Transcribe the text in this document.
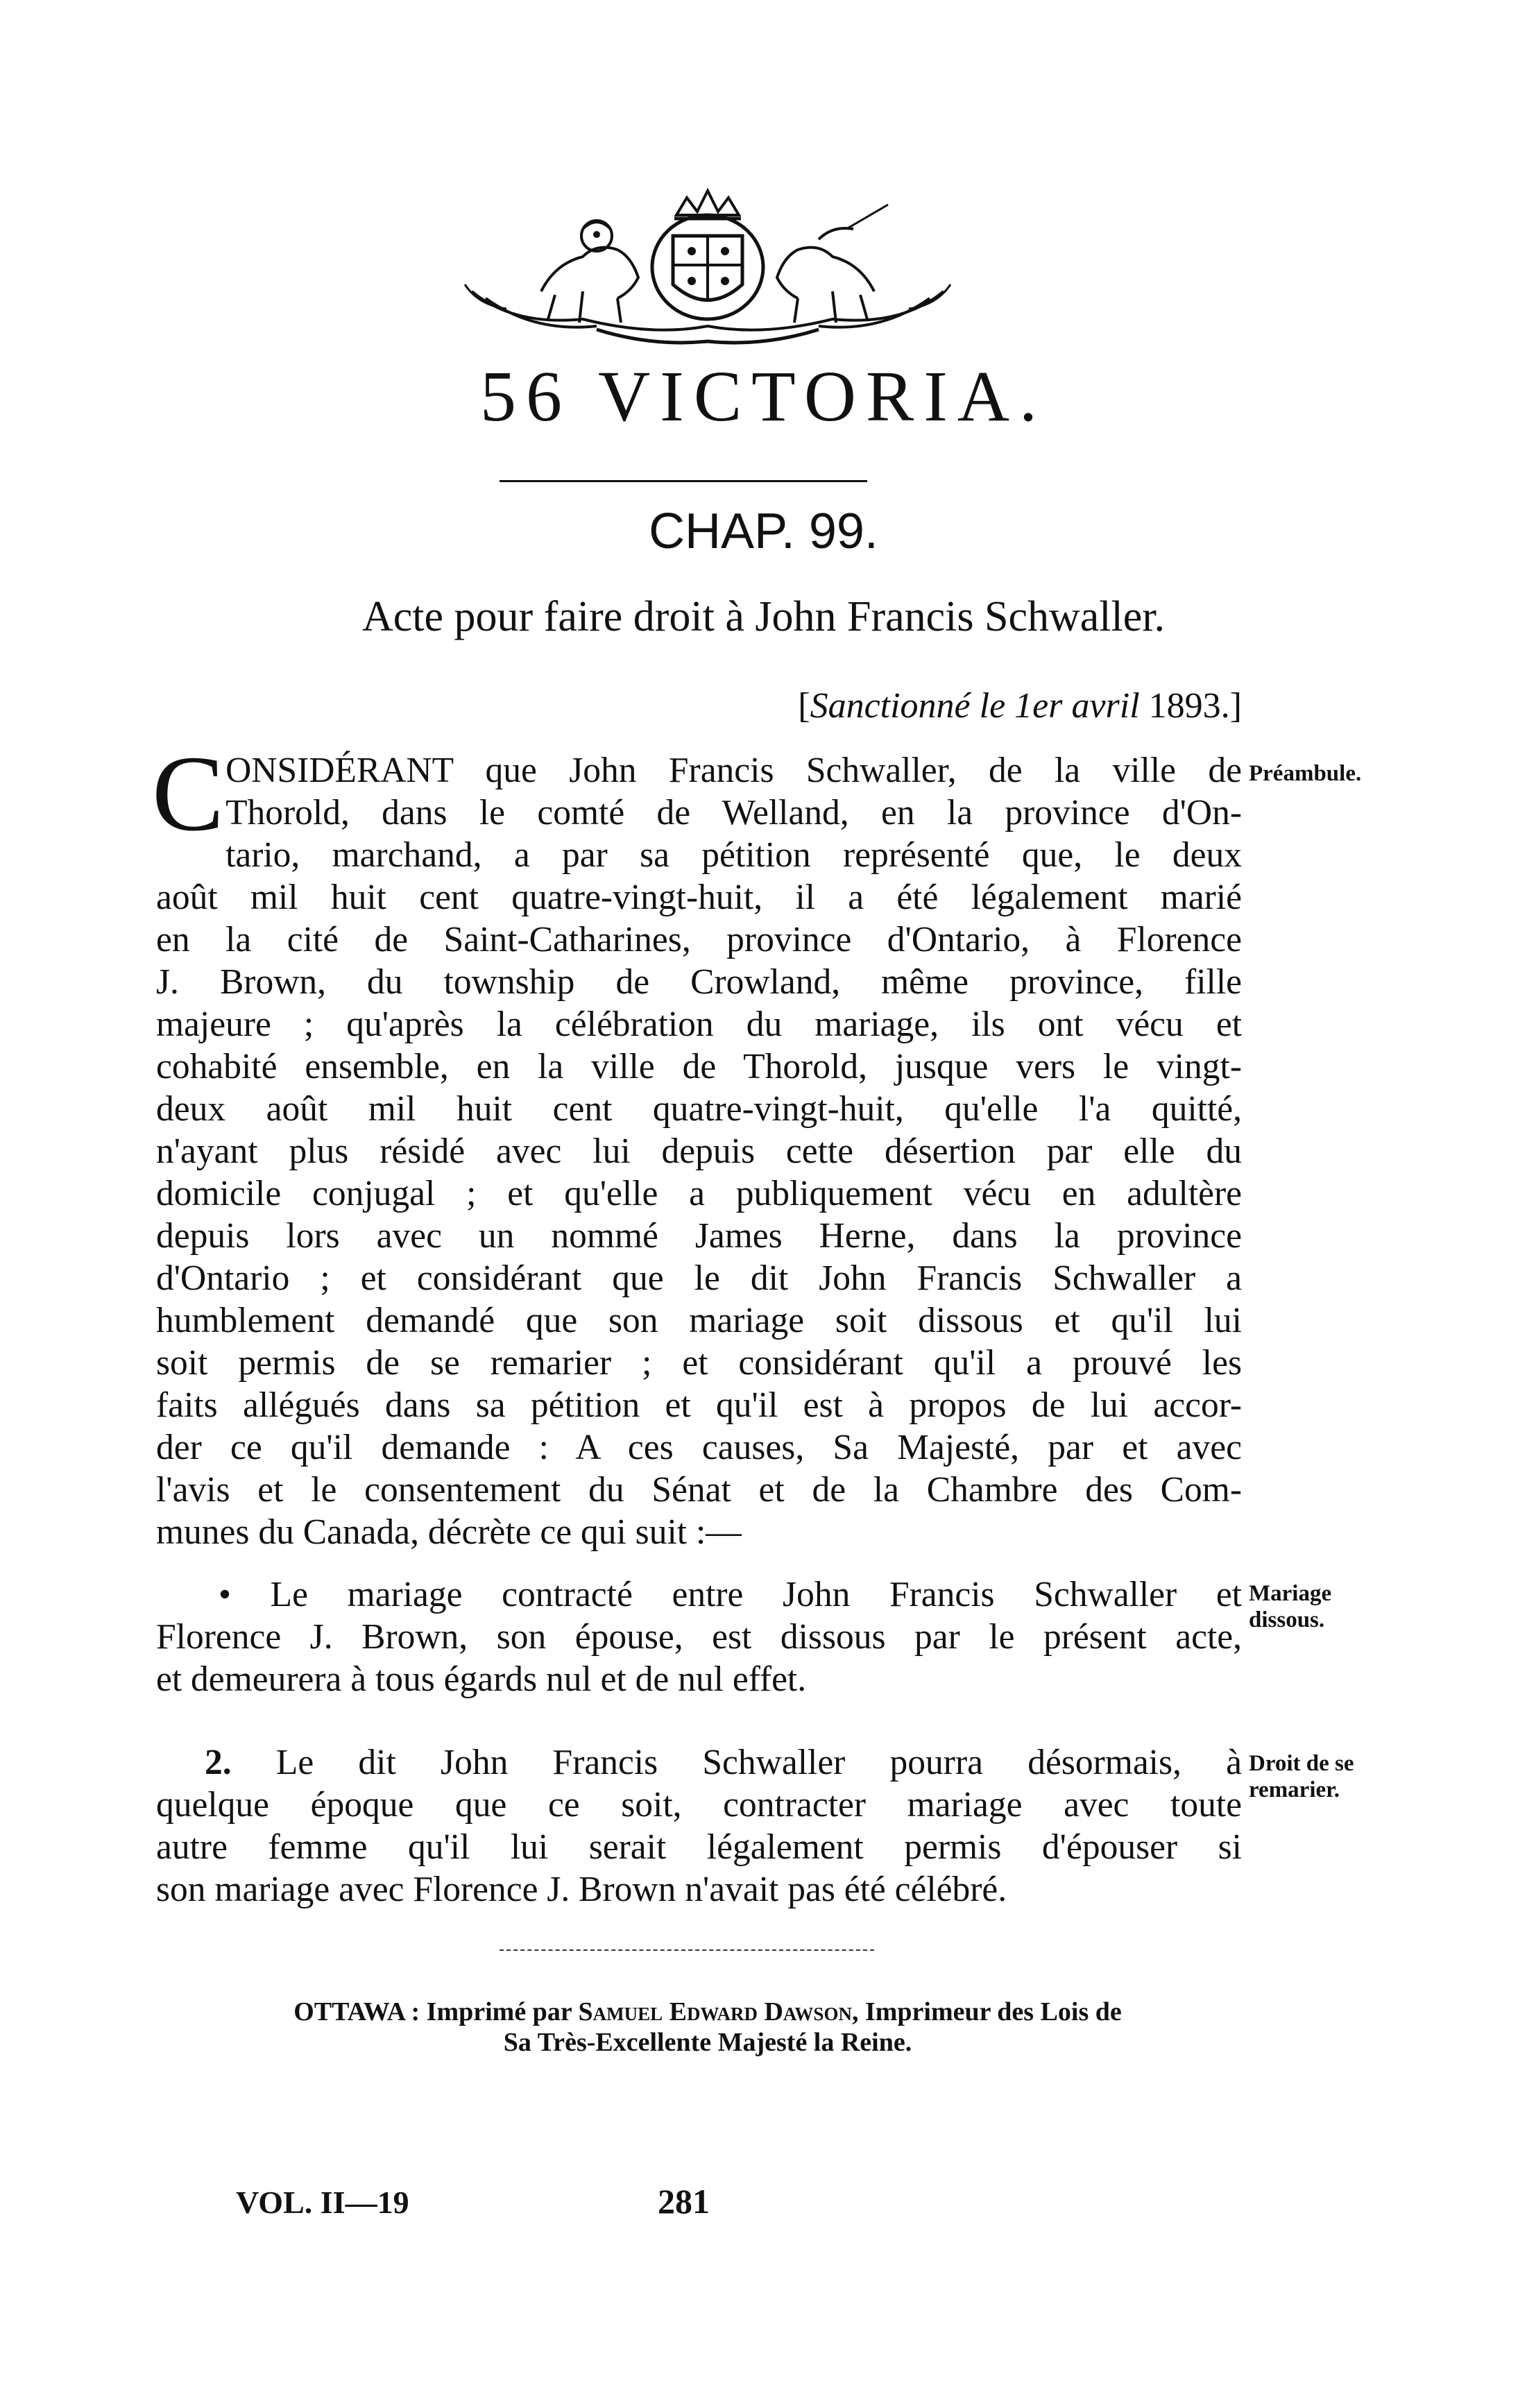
56 VICTORIA.
CHAP. 99.
Acte pour faire droit à John Francis Schwaller.
[Sanctionné le 1er avril 1893.]
C ONSIDÉRANT que John Francis Schwaller, de la ville de
Thorold, dans le comté de Welland, en la province d'On-
tario, marchand, a par sa pétition représenté que, le deux
août mil huit cent quatre-vingt-huit, il a été légalement marié
en la cité de Saint-Catharines, province d'Ontario, à Florence
J. Brown, du township de Crowland, même province, fille
majeure ; qu'après la célébration du mariage, ils ont vécu et
cohabité ensemble, en la ville de Thorold, jusque vers le vingt-
deux août mil huit cent quatre-vingt-huit, qu'elle l'a quitté,
n'ayant plus résidé avec lui depuis cette désertion par elle du
domicile conjugal ; et qu'elle a publiquement vécu en adultère
depuis lors avec un nommé James Herne, dans la province
d'Ontario ; et considérant que le dit John Francis Schwaller a
humblement demandé que son mariage soit dissous et qu'il lui
soit permis de se remarier ; et considérant qu'il a prouvé les
faits allégués dans sa pétition et qu'il est à propos de lui accor-
der ce qu'il demande : A ces causes, Sa Majesté, par et avec
l'avis et le consentement du Sénat et de la Chambre des Com-
munes du Canada, décrète ce qui suit :—
Préambule.
• Le mariage contracté entre John Francis Schwaller et
Florence J. Brown, son épouse, est dissous par le présent acte,
et demeurera à tous égards nul et de nul effet.
Mariage
dissous.
2. Le dit John Francis Schwaller pourra désormais, à
quelque époque que ce soit, contracter mariage avec toute
autre femme qu'il lui serait légalement permis d'épouser si
son mariage avec Florence J. Brown n'avait pas été célébré.
Droit de se
remarier.
OTTAWA : Imprimé par Samuel Edward Dawson, Imprimeur des Lois de
Sa Très-Excellente Majesté la Reine.
VOL. II—19	281
